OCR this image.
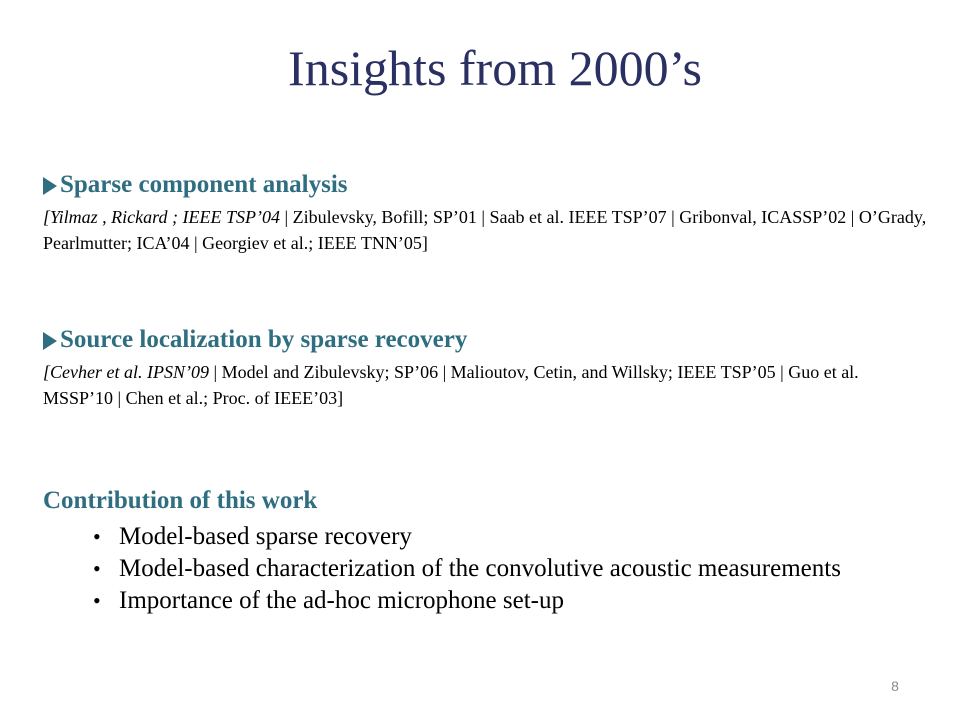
Insights from 2000’s
Sparse component analysis
[Yilmaz , Rickard ; IEEE TSP’04 | Zibulevsky, Bofill; SP’01 | Saab et al. IEEE TSP’07 | Gribonval, ICASSP’02 | O’Grady, Pearlmutter; ICA’04 | Georgiev et al.; IEEE TNN’05]
Source localization by sparse recovery
[Cevher et al. IPSN’09 | Model and Zibulevsky; SP’06 | Malioutov, Cetin, and Willsky; IEEE TSP’05 | Guo et al. MSSP’10 | Chen et al.; Proc. of IEEE’03]
Contribution of this work
• Model-based sparse recovery
• Model-based characterization of the convolutive acoustic measurements
• Importance of the ad-hoc microphone set-up
8
